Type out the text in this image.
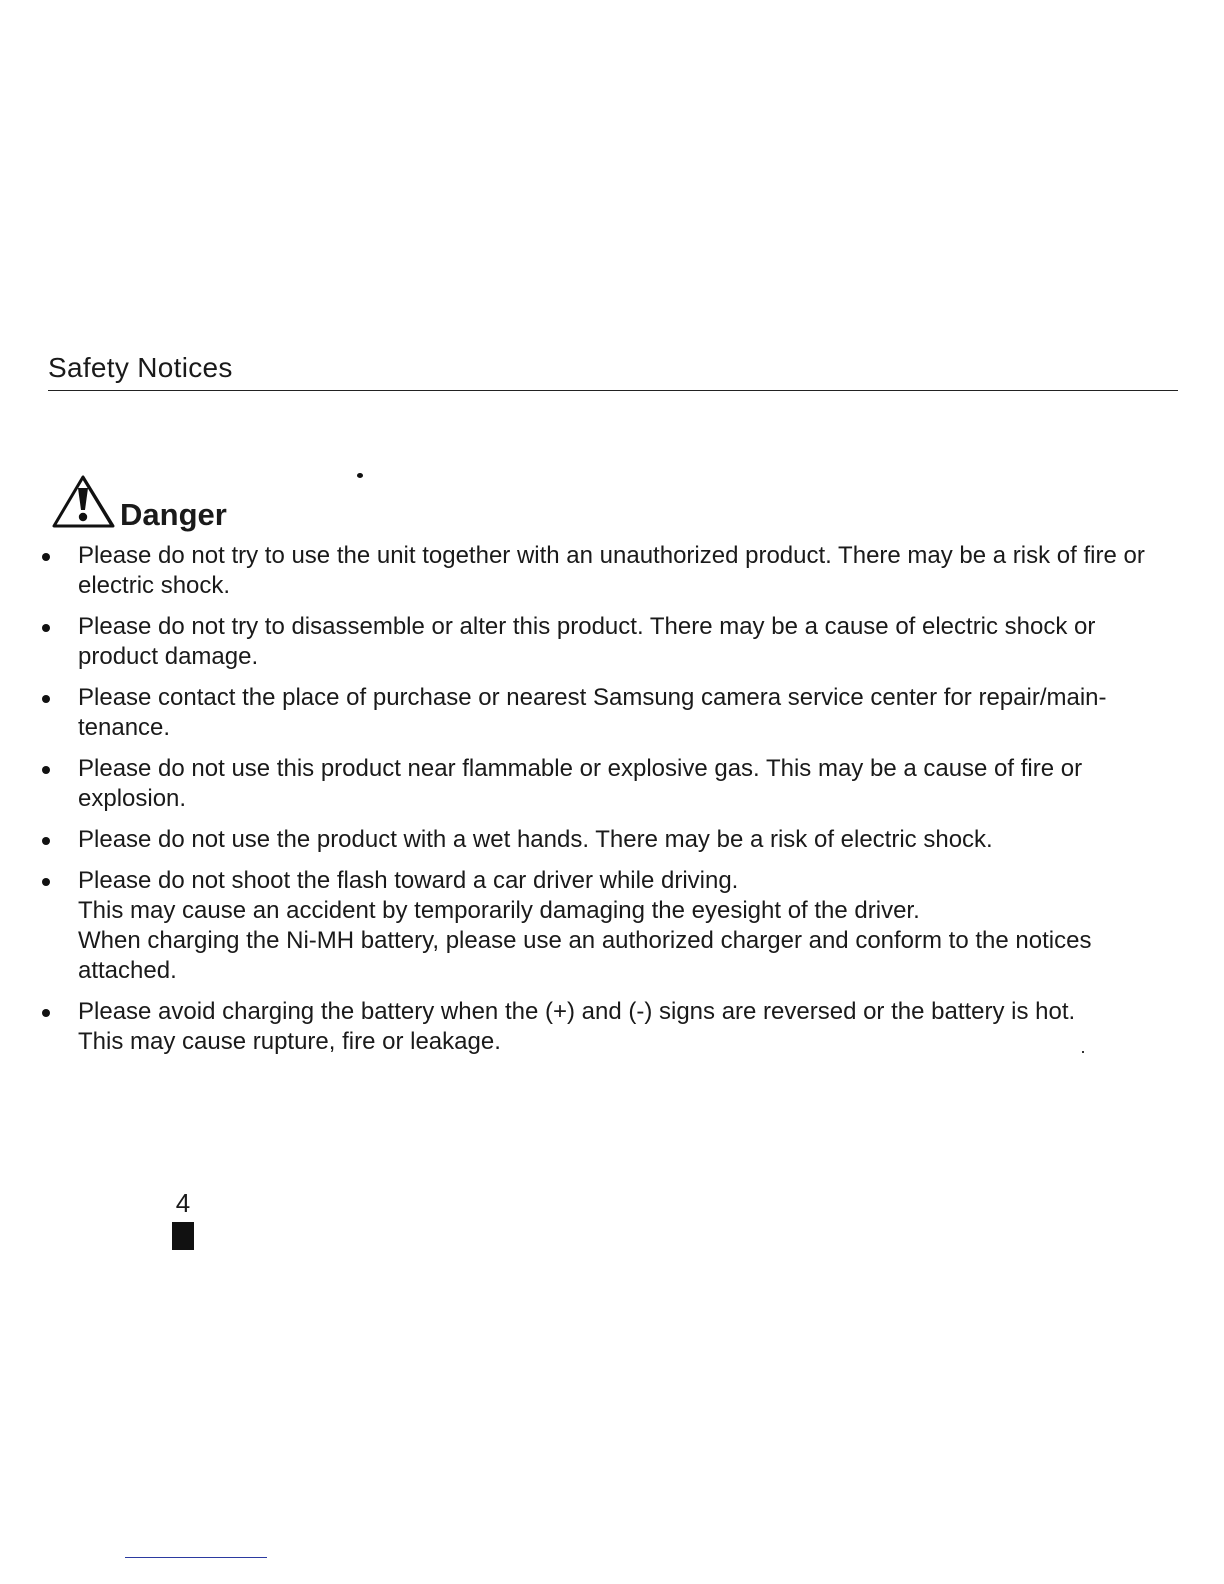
Safety Notices
Danger

Please do not try to use the unit together with an unauthorized product. There may be a risk of fire or electric shock.

Please do not try to disassemble or alter this product. There may be a cause of electric shock or product damage.

Please contact the place of purchase or nearest Samsung camera service center for repair/main-tenance.

Please do not use this product near flammable or explosive gas. This may be a cause of fire or explosion.

Please do not use the product with a wet hands. There may be a risk of electric shock.

Please do not shoot the flash toward a car driver while driving.

This may cause an accident by temporarily damaging the eyesight of the driver.

When charging the Ni-MH battery, please use an authorized charger and conform to the notices attached.

Please avoid charging the battery when the (+) and (-) signs are reversed or the battery is hot.

This may cause rupture, fire or leakage.

4
